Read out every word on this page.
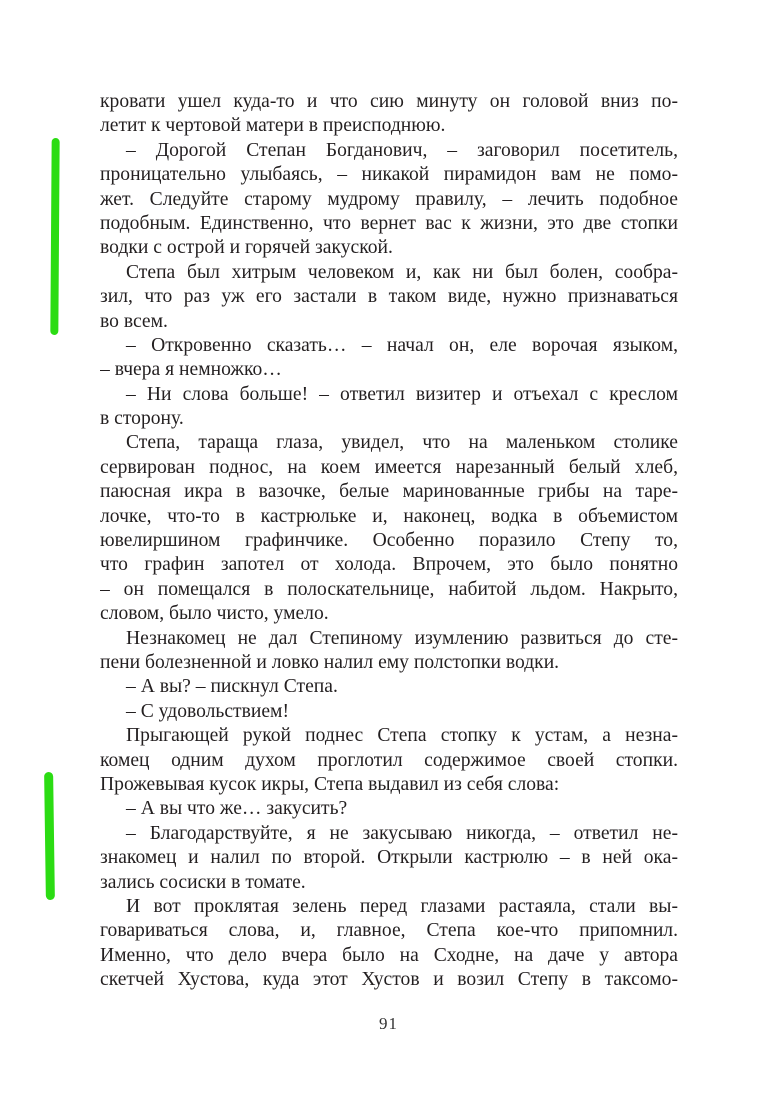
кровати ушел куда-то и что сию минуту он головой вниз по-
летит к чертовой матери в преисподнюю.
– Дорогой Степан Богданович, – заговорил посетитель,
проницательно улыбаясь, – никакой пирамидон вам не помо-
жет. Следуйте старому мудрому правилу, – лечить подобное
подобным. Единственно, что вернет вас к жизни, это две стопки
водки с острой и горячей закуской.
Степа был хитрым человеком и, как ни был болен, сообра-
зил, что раз уж его застали в таком виде, нужно признаваться
во всем.
– Откровенно сказать… – начал он, еле ворочая языком,
– вчера я немножко…
– Ни слова больше! – ответил визитер и отъехал с креслом
в сторону.
Степа, тараща глаза, увидел, что на маленьком столике
сервирован поднос, на коем имеется нарезанный белый хлеб,
паюсная икра в вазочке, белые маринованные грибы на таре-
лочке, что-то в кастрюльке и, наконец, водка в объемистом
ювелиршином графинчике. Особенно поразило Степу то,
что графин запотел от холода. Впрочем, это было понятно
– он помещался в полоскательнице, набитой льдом. Накрыто,
словом, было чисто, умело.
Незнакомец не дал Степиному изумлению развиться до сте-
пени болезненной и ловко налил ему полстопки водки.
– А вы? – пискнул Степа.
– С удовольствием!
Прыгающей рукой поднес Степа стопку к устам, а незна-
комец одним духом проглотил содержимое своей стопки.
Прожевывая кусок икры, Степа выдавил из себя слова:
– А вы что же… закусить?
– Благодарствуйте, я не закусываю никогда, – ответил не-
знакомец и налил по второй. Открыли кастрюлю – в ней ока-
зались сосиски в томате.
И вот проклятая зелень перед глазами растаяла, стали вы-
говариваться слова, и, главное, Степа кое-что припомнил.
Именно, что дело вчера было на Сходне, на даче у автора
скетчей Хустова, куда этот Хустов и возил Степу в таксомо-
91
